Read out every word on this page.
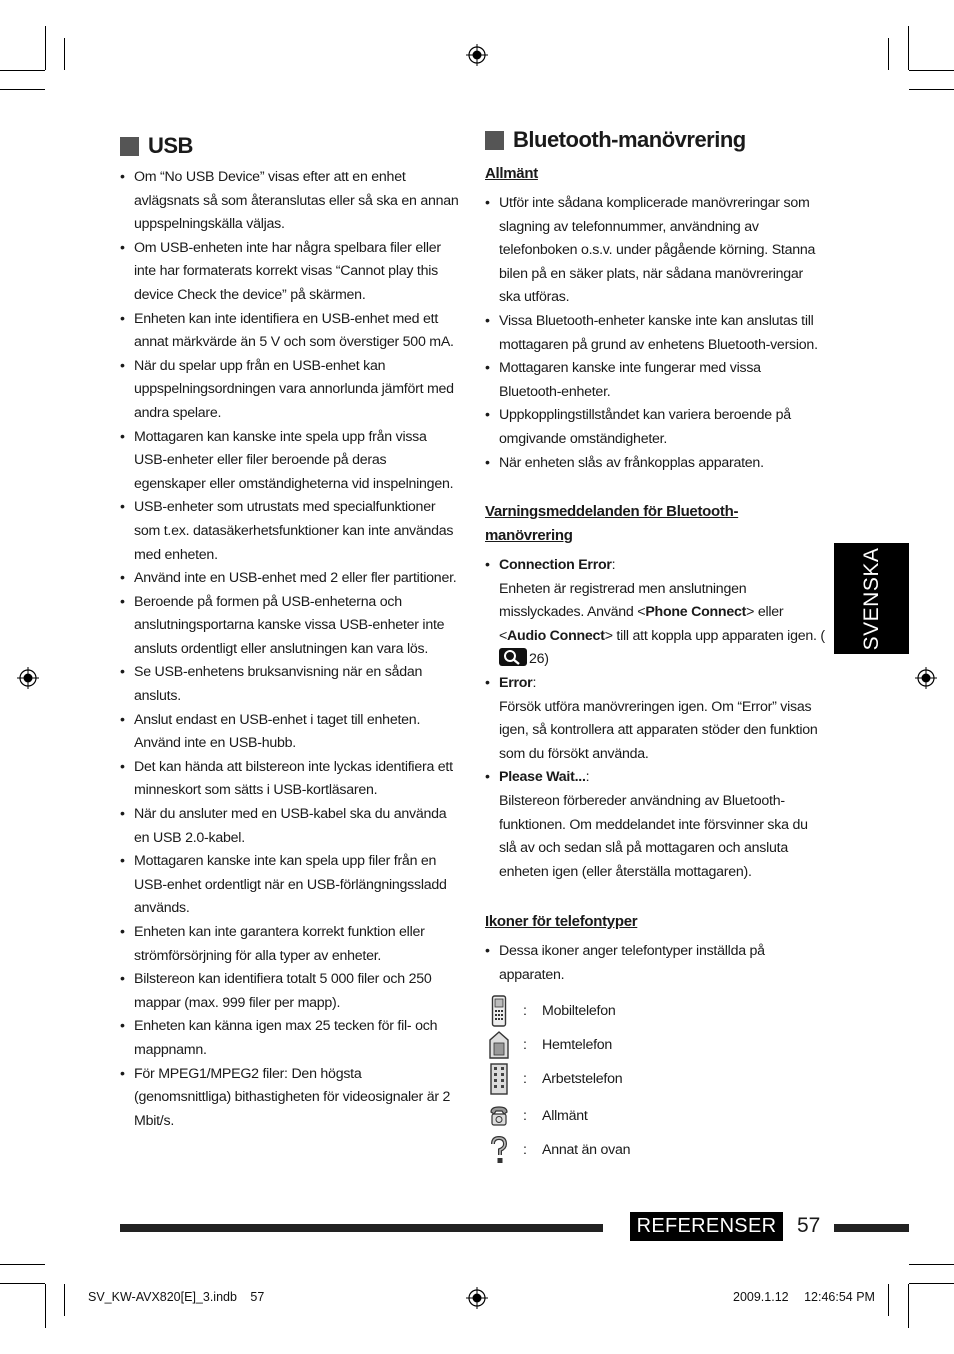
USB
• Om “No USB Device” visas efter att en enhet avlägsnats så som återanslutas eller så ska en annan uppspelningskälla väljas.
• Om USB-enheten inte har några spelbara filer eller inte har formaterats korrekt visas “Cannot play this device Check the device” på skärmen.
• Enheten kan inte identifiera en USB-enhet med ett annat märkvärde än 5 V och som överstiger 500 mA.
• När du spelar upp från en USB-enhet kan uppspelningsordningen vara annorlunda jämfört med andra spelare.
• Mottagaren kan kanske inte spela upp från vissa USB-enheter eller filer beroende på deras egenskaper eller omständigheterna vid inspelningen.
• USB-enheter som utrustats med specialfunktioner som t.ex. datasäkerhetsfunktioner kan inte användas med enheten.
• Använd inte en USB-enhet med 2 eller fler partitioner.
• Beroende på formen på USB-enheterna och anslutningsportarna kanske vissa USB-enheter inte ansluts ordentligt eller anslutningen kan vara lös.
• Se USB-enhetens bruksanvisning när en sådan ansluts.
• Anslut endast en USB-enhet i taget till enheten. Använd inte en USB-hubb.
• Det kan hända att bilstereon inte lyckas identifiera ett minneskort som sätts i USB-kortläsaren.
• När du ansluter med en USB-kabel ska du använda en USB 2.0-kabel.
• Mottagaren kanske inte kan spela upp filer från en USB-enhet ordentligt när en USB-förlängningssladd används.
• Enheten kan inte garantera korrekt funktion eller strömförsörjning för alla typer av enheter.
• Bilstereon kan identifiera totalt 5 000 filer och 250 mappar (max. 999 filer per mapp).
• Enheten kan känna igen max 25 tecken för fil- och mappnamn.
• För MPEG1/MPEG2 filer: Den högsta (genomsnittliga) bithastigheten för videosignaler är 2 Mbit/s.
Bluetooth-manövrering
Allmänt
• Utför inte sådana komplicerade manövreringar som slagning av telefonnummer, användning av telefonboken o.s.v. under pågående körning. Stanna bilen på en säker plats, när sådana manövreringar ska utföras.
• Vissa Bluetooth-enheter kanske inte kan anslutas till mottagaren på grund av enhetens Bluetooth-version.
• Mottagaren kanske inte fungerar med vissa Bluetooth-enheter.
• Uppkopplingstillståndet kan variera beroende på omgivande omständigheter.
• När enheten slås av frånkopplas apparaten.
Varningsmeddelanden för Bluetooth-
manövrering
• Connection Error:
Enheten är registrerad men anslutningen misslyckades. Använd <Phone Connect> eller <Audio Connect> till att koppla upp apparaten igen. (26)
• Error:
Försök utföra manövreringen igen. Om “Error” visas igen, så kontrollera att apparaten stöder den funktion som du försökt använda.
• Please Wait...:
Bilstereon förbereder användning av Bluetooth-funktionen. Om meddelandet inte försvinner ska du slå av och sedan slå på mottagaren och ansluta enheten igen (eller återställa mottagaren).
Ikoner för telefontyper
• Dessa ikoner anger telefontyper inställda på apparaten.
: Mobiltelefon
: Hemtelefon
: Arbetstelefon
: Allmänt
: Annat än ovan
SVENSKA
REFERENSER 57
SV_KW-AVX820[E]_3.indb 57	2009.1.12 12:46:54 PM
